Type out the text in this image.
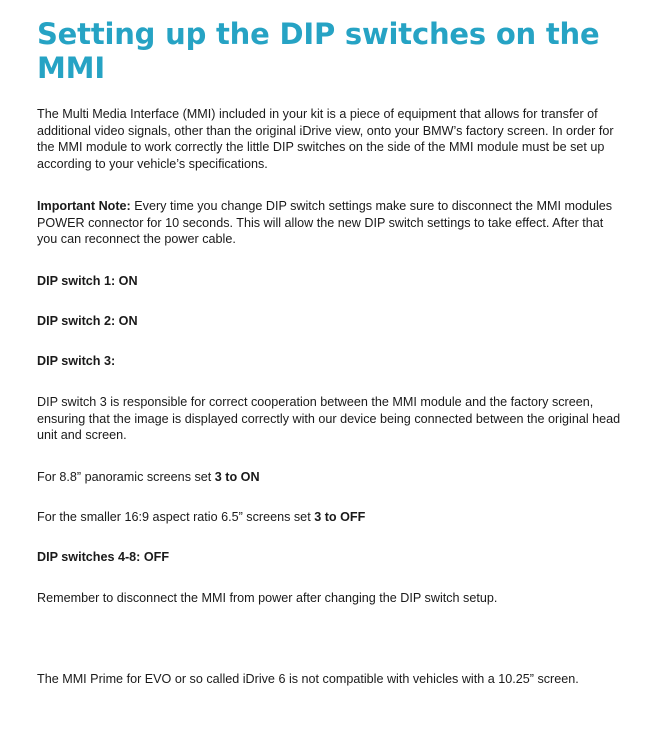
Setting up the DIP switches on the MMI

The Multi Media Interface (MMI) included in your kit is a piece of equipment that allows for transfer of additional video signals, other than the original iDrive view, onto your BMW’s factory screen. In order for the MMI module to work correctly the little DIP switches on the side of the MMI module must be set up according to your vehicle’s specifications.

Important Note: Every time you change DIP switch settings make sure to disconnect the MMI modules POWER connector for 10 seconds. This will allow the new DIP switch settings to take effect. After that you can reconnect the power cable.

DIP switch 1: ON

DIP switch 2: ON

DIP switch 3:

DIP switch 3 is responsible for correct cooperation between the MMI module and the factory screen, ensuring that the image is displayed correctly with our device being connected between the original head unit and screen.

For 8.8” panoramic screens set 3 to ON

For the smaller 16:9 aspect ratio 6.5” screens set 3 to OFF

DIP switches 4-8: OFF

Remember to disconnect the MMI from power after changing the DIP switch setup.

The MMI Prime for EVO or so called iDrive 6 is not compatible with vehicles with a 10.25” screen.
